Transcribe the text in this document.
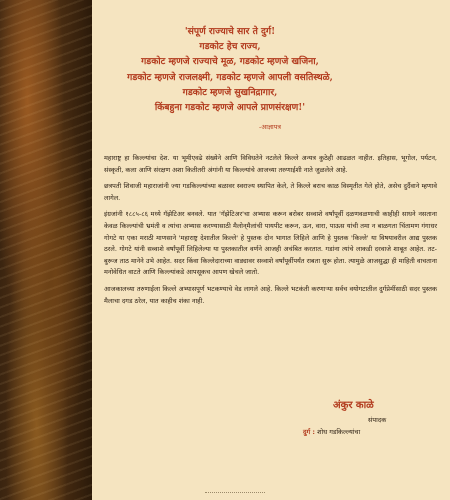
'संपूर्ण राज्याचे सार ते दुर्ग!
गडकोट हेच राज्य,
गडकोट म्हणजे राज्याचे मूळ, गडकोट म्हणजे खजिना,
गडकोट म्हणजे राजलक्ष्मी, गडकोट म्हणजे आपली वसतिस्थळे,
गडकोट म्हणजे सुखनिद्रागार,
किंबहुना गडकोट म्हणजे आपले प्राणसंरक्षण!'
-आज्ञापत्र

महाराष्ट्र हा किल्ल्यांचा देश. या भूमीएवढे संख्येने आणि विविधतेने नटलेले किल्ले अन्यत्र कुठेही आढळत नाहीत. इतिहास, भूगोल, पर्यटन, संस्कृती, कला आणि संरक्षण अशा कितीतरी अंगांनी या किल्ल्यांचे आजच्या तरुणाईशी नाते जुळलेले आहे.

छत्रपती शिवाजी महाराजांनी ज्या गडकिल्ल्यांच्या बळावर स्वराज्य स्थापित केले, ते किल्ले बराच काळ विस्मृतीत गेले होते, असेच दुर्दैवाने म्हणावे लागेल.

इंग्रजांनी १८८५-८६ मध्ये गॅझेटिअर बनवले. यात 'गॅझेटिअर'चा अभ्यास करून बरोबर सव्वाशे वर्षांपूर्वी दळणवळणाची काहीही साधने नसताना केवळ किल्ल्यांची भ्रमंती व त्यांचा अभ्यास करण्यासाठी मैलोन्‌मैलांची पायपीट करून, ऊन, वारा, पाऊस यांची तमा न बाळगता चिंतामण गंगाधर गोगटे या एका मराठी माणसाने 'महाराष्ट्र देशातील किल्ले' हे पुस्तक दोन भागात लिहिले आणि हे पुस्तक 'किल्ले' या विषयावरील आद्य पुस्तक ठरले. गोगटे यांनी सव्वाशे वर्षांपूर्वी लिहिलेल्या या पुस्तकातील वर्णने आजही अचंबित करतात. गडांना त्यांचे लाकडी दरवाजे शाबूत आहेत. तट-बुरूज ताठ मानेने उभे आहेत. सदर किंवा किल्लेदाराच्या वाड्यावर सव्वाशे वर्षांपूर्वीपर्यंत राबता सुरू होता. त्यामुळे आजसुद्धा ही माहिती वाचताना मनोवेधित वाटते आणि किल्ल्यांकडे आपसूकच आपण खेचले जातो.

आजकालच्या तरुणाईला किल्ले अभ्यासपूर्ण भटकण्याचे वेड लागले आहे. किल्ले भटकंती करणाऱ्या सर्वच वयोगटातील दुर्गप्रेमींसाठी सदर पुस्तक मैलाचा दगड ठरेल, यात काहीच शंका नाही.

अंकुर काळे
संपादक
दुर्ग : शोध गडकिल्ल्यांचा
